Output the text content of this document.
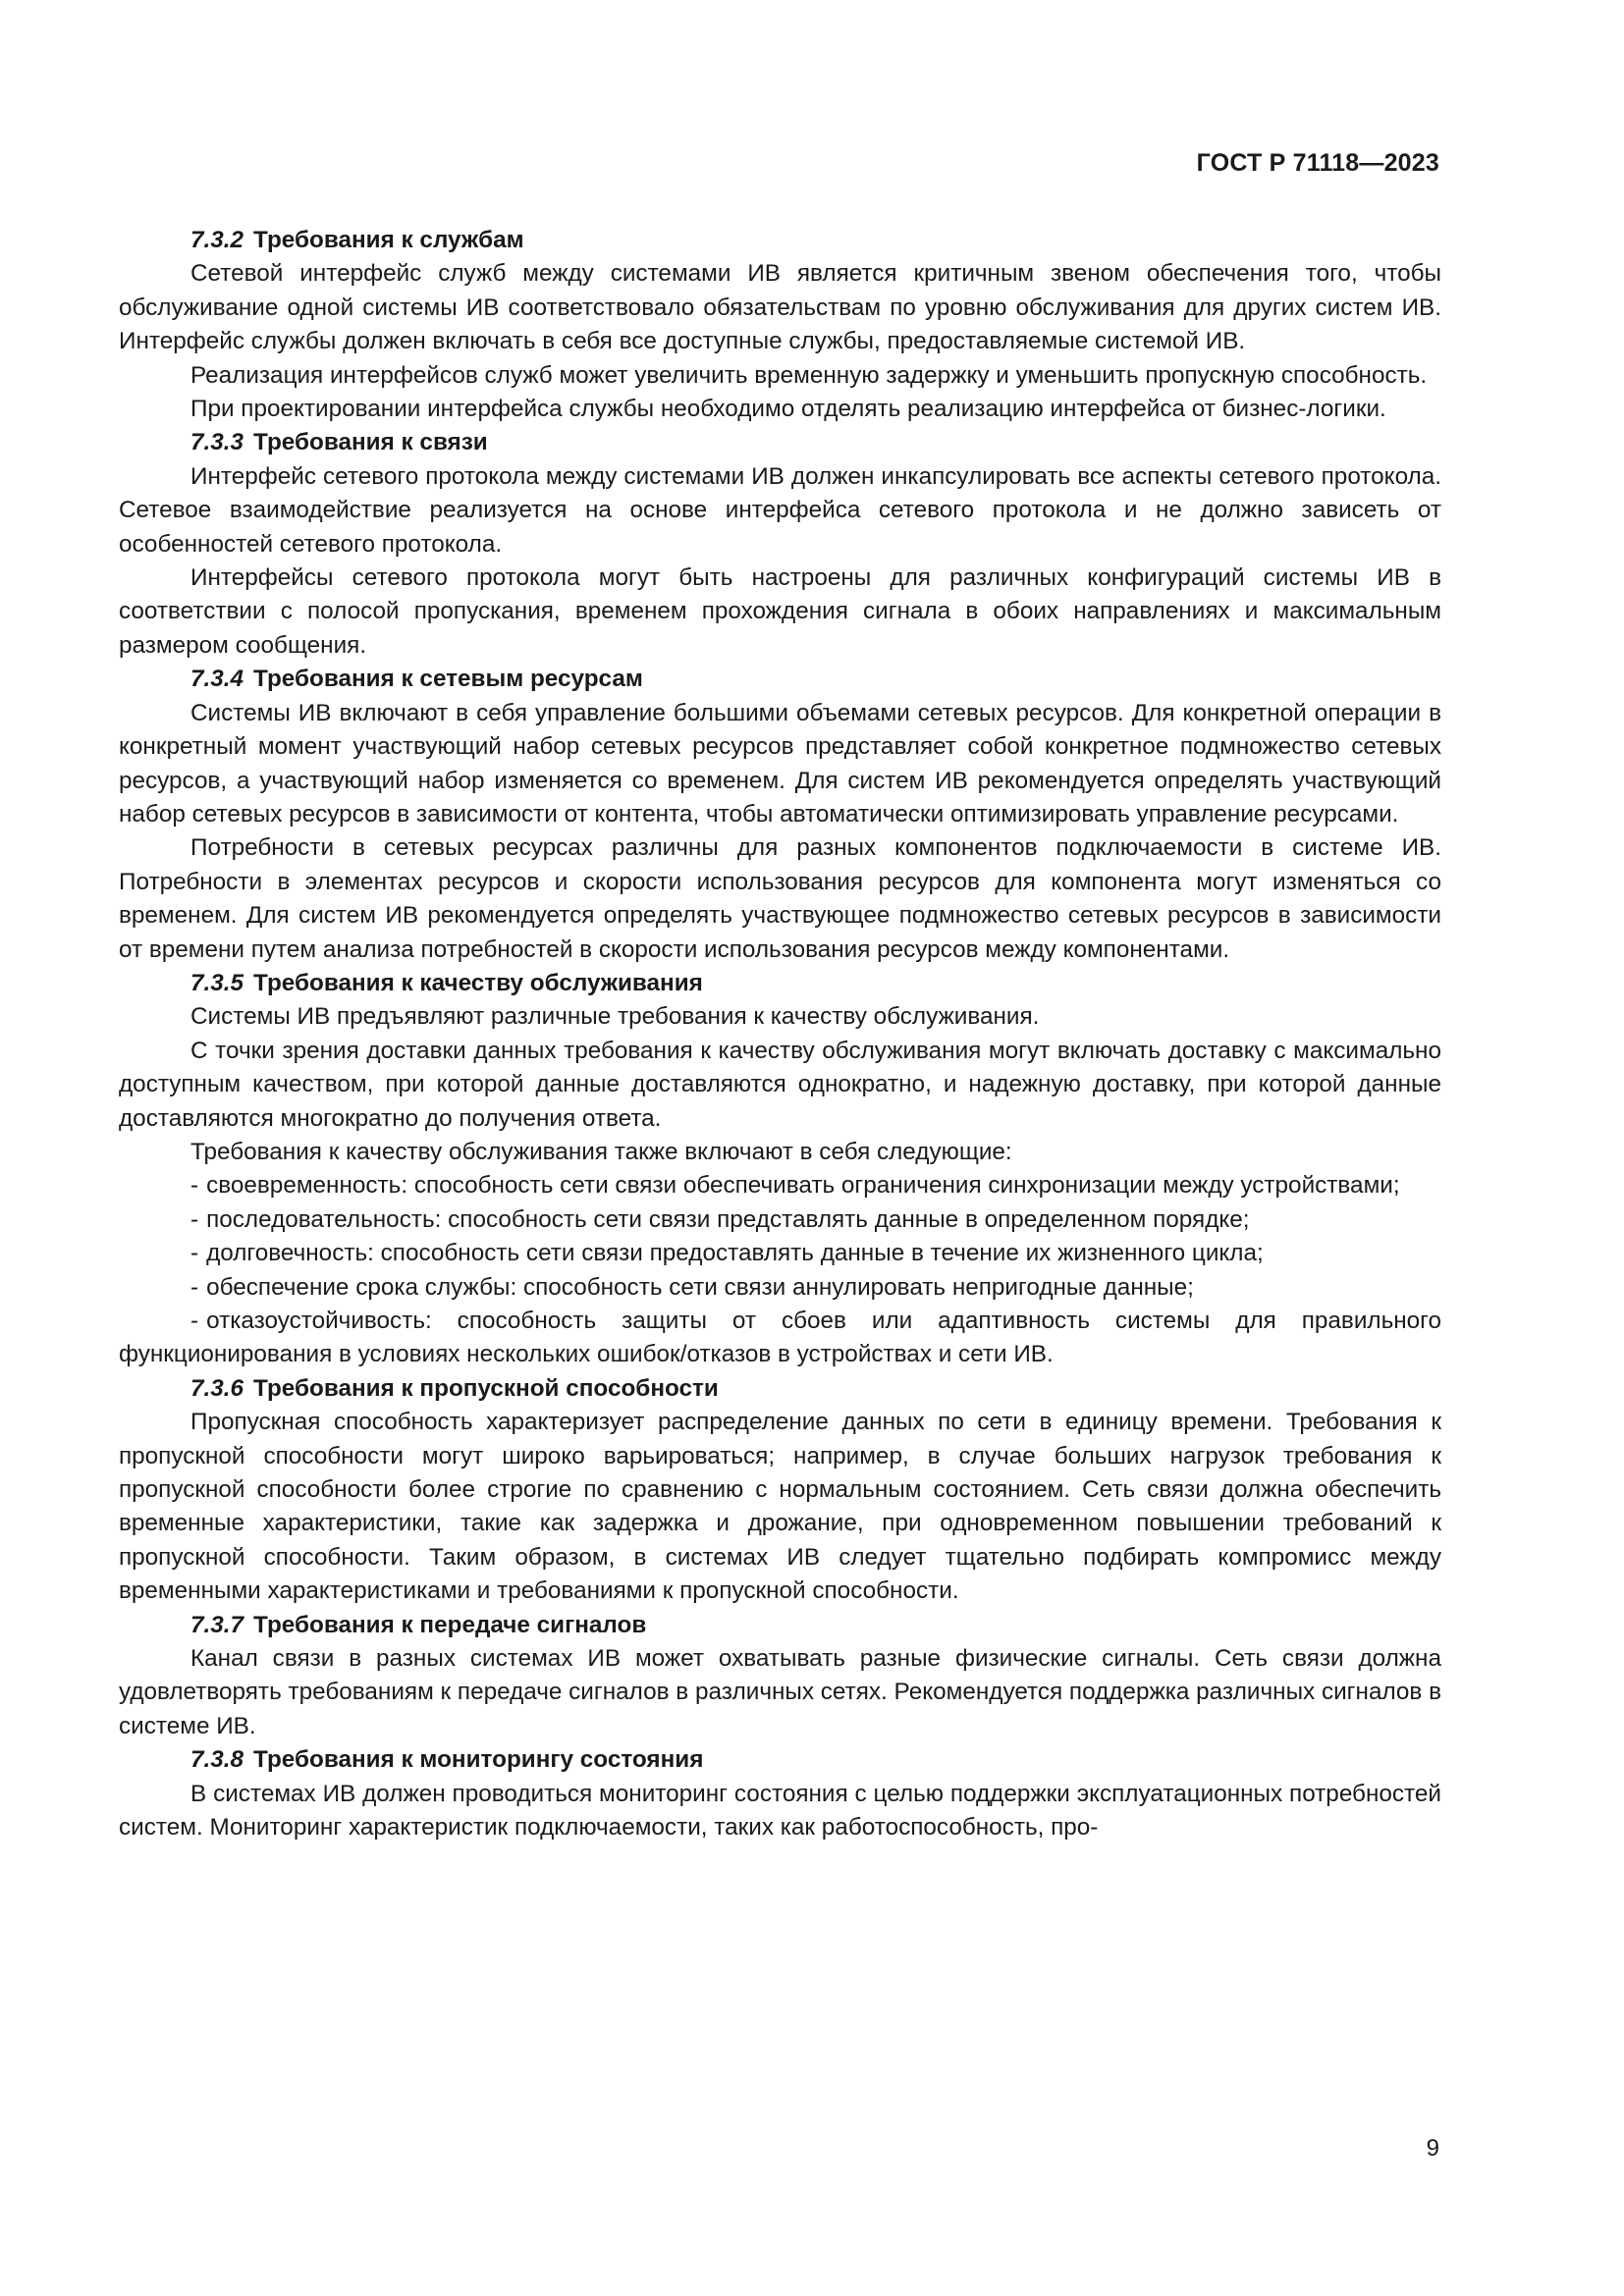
ГОСТ Р 71118—2023

7.3.2 Требования к службам

Сетевой интерфейс служб между системами ИВ является критичным звеном обеспечения того, чтобы обслуживание одной системы ИВ соответствовало обязательствам по уровню обслуживания для других систем ИВ. Интерфейс службы должен включать в себя все доступные службы, предоставляемые системой ИВ.

Реализация интерфейсов служб может увеличить временную задержку и уменьшить пропускную способность.

При проектировании интерфейса службы необходимо отделять реализацию интерфейса от бизнес-логики.

7.3.3 Требования к связи

Интерфейс сетевого протокола между системами ИВ должен инкапсулировать все аспекты сетевого протокола. Сетевое взаимодействие реализуется на основе интерфейса сетевого протокола и не должно зависеть от особенностей сетевого протокола.

Интерфейсы сетевого протокола могут быть настроены для различных конфигураций системы ИВ в соответствии с полосой пропускания, временем прохождения сигнала в обоих направлениях и максимальным размером сообщения.

7.3.4 Требования к сетевым ресурсам

Системы ИВ включают в себя управление большими объемами сетевых ресурсов. Для конкретной операции в конкретный момент участвующий набор сетевых ресурсов представляет собой конкретное подмножество сетевых ресурсов, а участвующий набор изменяется со временем. Для систем ИВ рекомендуется определять участвующий набор сетевых ресурсов в зависимости от контента, чтобы автоматически оптимизировать управление ресурсами.

Потребности в сетевых ресурсах различны для разных компонентов подключаемости в системе ИВ. Потребности в элементах ресурсов и скорости использования ресурсов для компонента могут изменяться со временем. Для систем ИВ рекомендуется определять участвующее подмножество сетевых ресурсов в зависимости от времени путем анализа потребностей в скорости использования ресурсов между компонентами.

7.3.5 Требования к качеству обслуживания

Системы ИВ предъявляют различные требования к качеству обслуживания.

С точки зрения доставки данных требования к качеству обслуживания могут включать доставку с максимально доступным качеством, при которой данные доставляются однократно, и надежную доставку, при которой данные доставляются многократно до получения ответа.

Требования к качеству обслуживания также включают в себя следующие:

- своевременность: способность сети связи обеспечивать ограничения синхронизации между устройствами;

- последовательность: способность сети связи представлять данные в определенном порядке;

- долговечность: способность сети связи предоставлять данные в течение их жизненного цикла;

- обеспечение срока службы: способность сети связи аннулировать непригодные данные;

- отказоустойчивость: способность защиты от сбоев или адаптивность системы для правильного функционирования в условиях нескольких ошибок/отказов в устройствах и сети ИВ.

7.3.6 Требования к пропускной способности

Пропускная способность характеризует распределение данных по сети в единицу времени. Требования к пропускной способности могут широко варьироваться; например, в случае больших нагрузок требования к пропускной способности более строгие по сравнению с нормальным состоянием. Сеть связи должна обеспечить временные характеристики, такие как задержка и дрожание, при одновременном повышении требований к пропускной способности. Таким образом, в системах ИВ следует тщательно подбирать компромисс между временными характеристиками и требованиями к пропускной способности.

7.3.7 Требования к передаче сигналов

Канал связи в разных системах ИВ может охватывать разные физические сигналы. Сеть связи должна удовлетворять требованиям к передаче сигналов в различных сетях. Рекомендуется поддержка различных сигналов в системе ИВ.

7.3.8 Требования к мониторингу состояния

В системах ИВ должен проводиться мониторинг состояния с целью поддержки эксплуатационных потребностей систем. Мониторинг характеристик подключаемости, таких как работоспособность, про-

9
